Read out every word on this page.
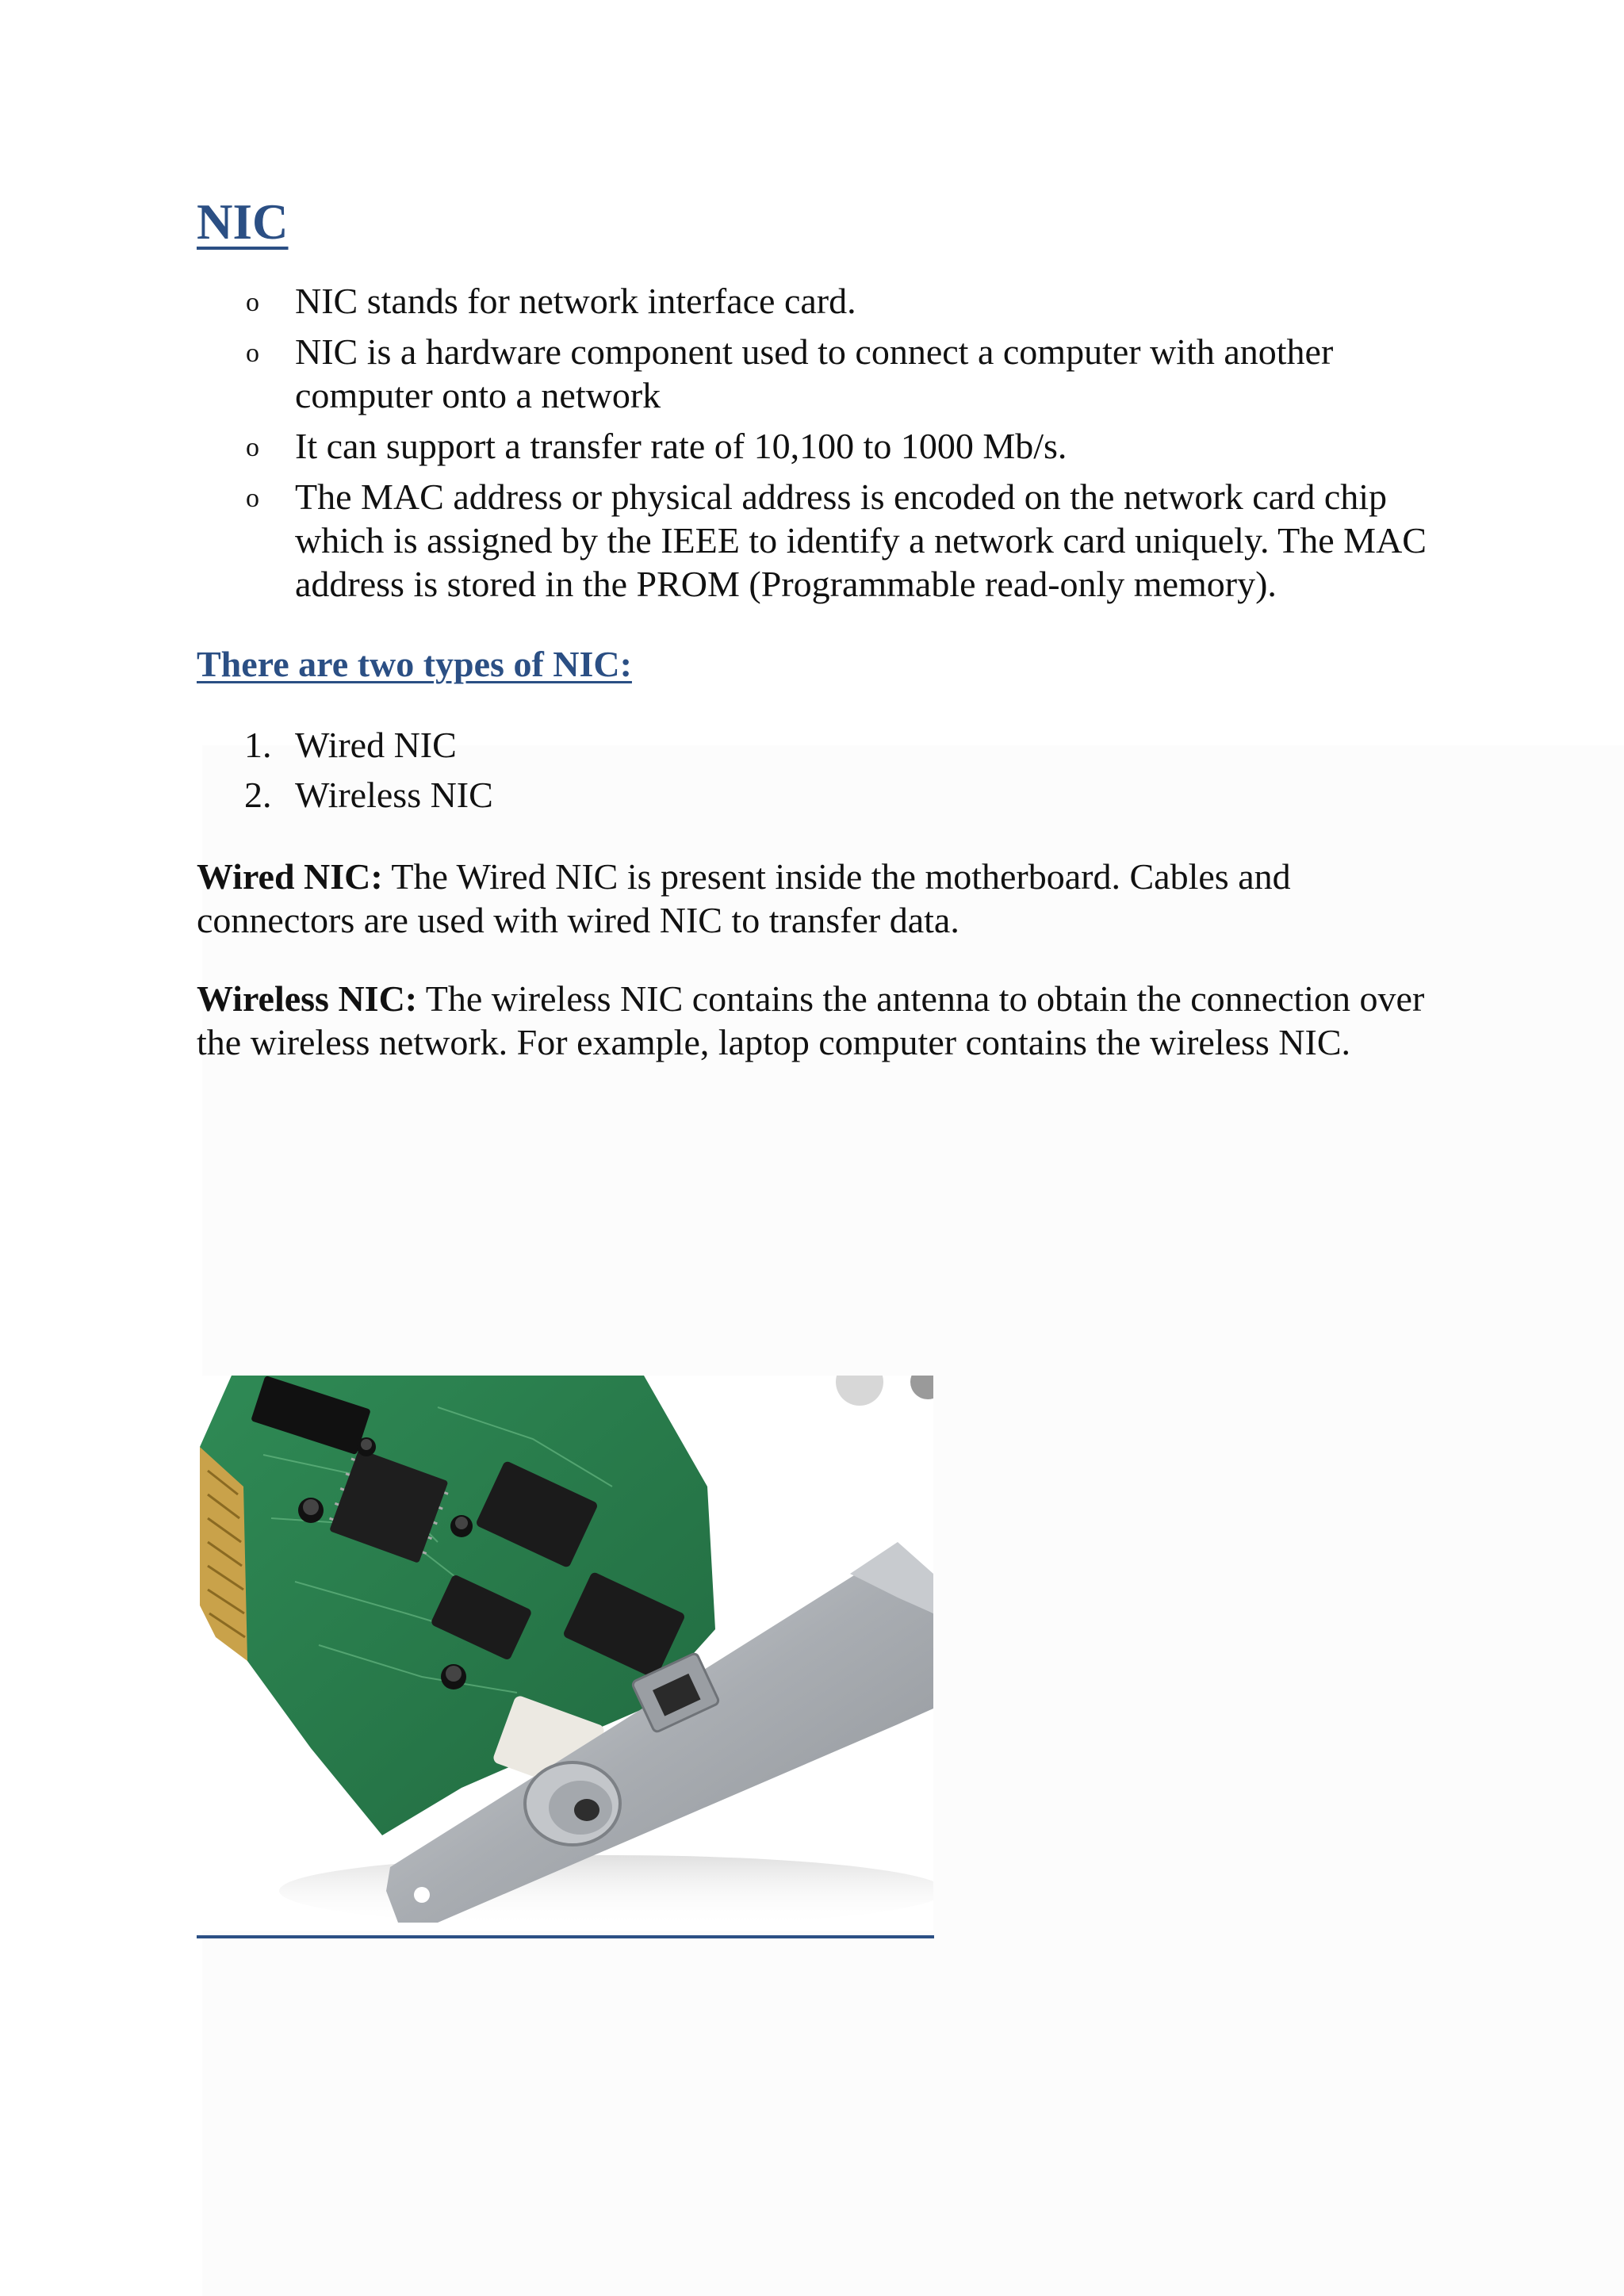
NIC
o NIC stands for network interface card.
o NIC is a hardware component used to connect a computer with another computer onto a network
o It can support a transfer rate of 10,100 to 1000 Mb/s.
o The MAC address or physical address is encoded on the network card chip which is assigned by the IEEE to identify a network card uniquely. The MAC address is stored in the PROM (Programmable read-only memory).
There are two types of NIC:
1. Wired NIC
2. Wireless NIC

Wired NIC: The Wired NIC is present inside the motherboard. Cables and connectors are used with wired NIC to transfer data.

Wireless NIC: The wireless NIC contains the antenna to obtain the connection over the wireless network. For example, laptop computer contains the wireless NIC.
